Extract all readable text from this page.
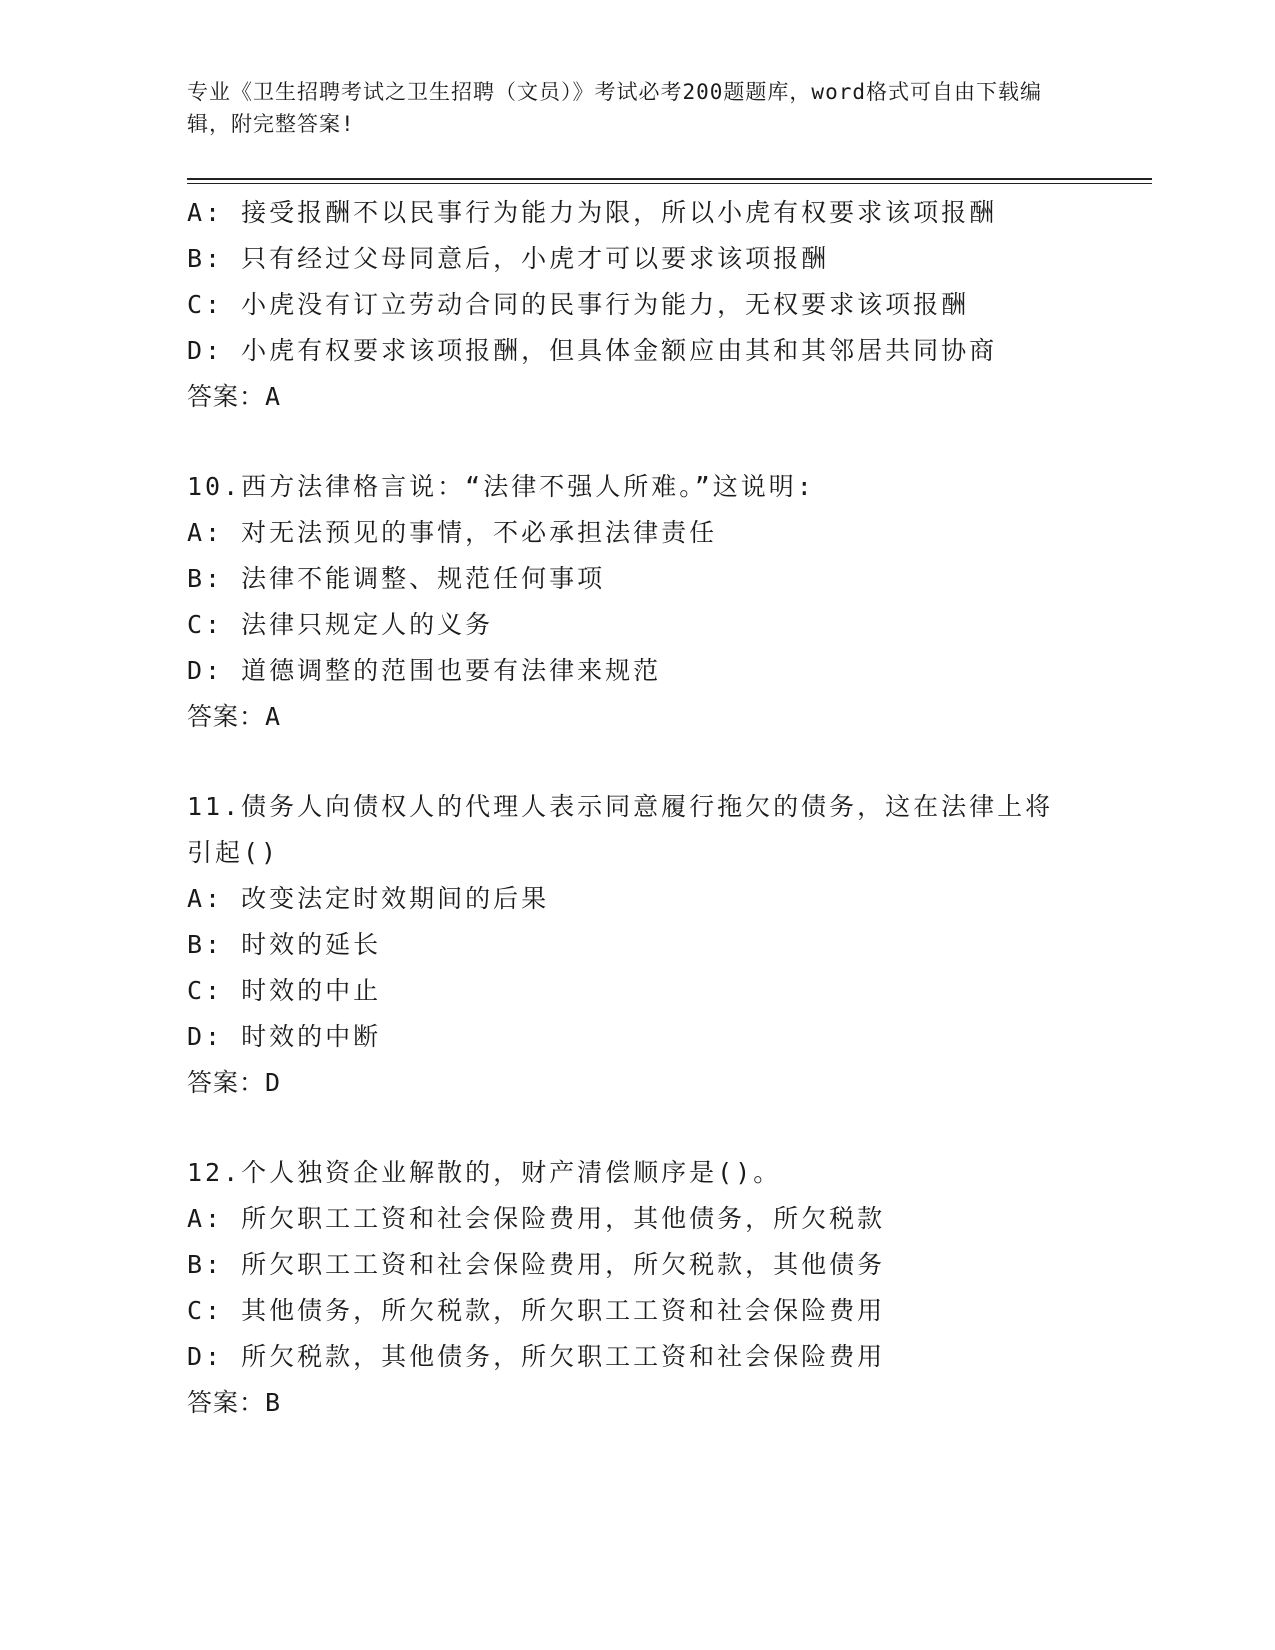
专业《卫生招聘考试之卫生招聘（文员）》考试必考200题题库，word格式可自由下载编辑，附完整答案!
A: 接受报酬不以民事行为能力为限，所以小虎有权要求该项报酬
B: 只有经过父母同意后，小虎才可以要求该项报酬
C: 小虎没有订立劳动合同的民事行为能力，无权要求该项报酬
D: 小虎有权要求该项报酬，但具体金额应由其和其邻居共同协商
答案：A
10.西方法律格言说：“法律不强人所难。”这说明:
A: 对无法预见的事情，不必承担法律责任
B: 法律不能调整、规范任何事项
C: 法律只规定人的义务
D: 道德调整的范围也要有法律来规范
答案：A
11.债务人向债权人的代理人表示同意履行拖欠的债务，这在法律上将引起()
A: 改变法定时效期间的后果
B: 时效的延长
C: 时效的中止
D: 时效的中断
答案：D
12.个人独资企业解散的，财产清偿顺序是()。
A: 所欠职工工资和社会保险费用，其他债务，所欠税款
B: 所欠职工工资和社会保险费用，所欠税款，其他债务
C: 其他债务，所欠税款，所欠职工工资和社会保险费用
D: 所欠税款，其他债务，所欠职工工资和社会保险费用
答案：B
